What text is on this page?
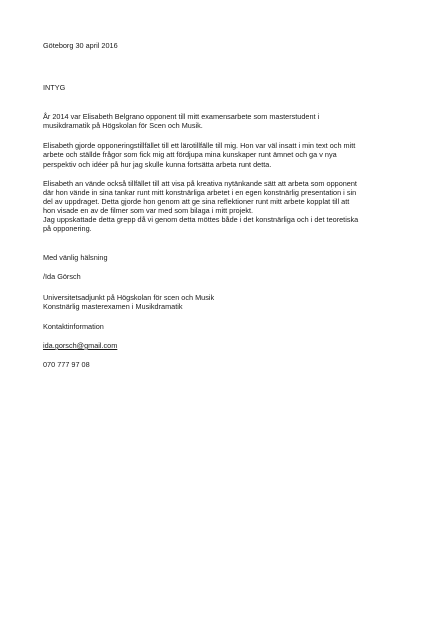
Göteborg 30 april 2016

INTYG

År 2014 var Elisabeth Belgrano opponent till mitt examensarbete som masterstudent i

musikdramatik på Högskolan för Scen och Musik.

Elisabeth gjorde opponeringstillfället till ett lärotillfälle till mig. Hon var väl insatt i min text och mitt

arbete och ställde frågor som fick mig att fördjupa mina kunskaper runt ämnet och ga v nya

perspektiv och idéer på hur jag skulle kunna fortsätta arbeta runt detta.

Elisabeth an vände också tillfället till att visa på kreativa nytänkande sätt att arbeta som opponent

där hon vände in sina tankar runt mitt konstnärliga arbetet i en egen konstnärlig presentation i sin

del av uppdraget. Detta gjorde hon genom att ge sina reflektioner runt mitt arbete kopplat till att

hon visade en av de filmer som var med som bilaga i mitt projekt.

Jag uppskattade detta grepp då vi genom detta möttes både i det konstnärliga och i det teoretiska

på opponering.

Med vänlig hälsning

/Ida Görsch

Universitetsadjunkt på Högskolan för scen och Musik

Konstnärlig masterexamen i Musikdramatik

Kontaktinformation

ida.gorsch@gmail.com

070 777 97 08
